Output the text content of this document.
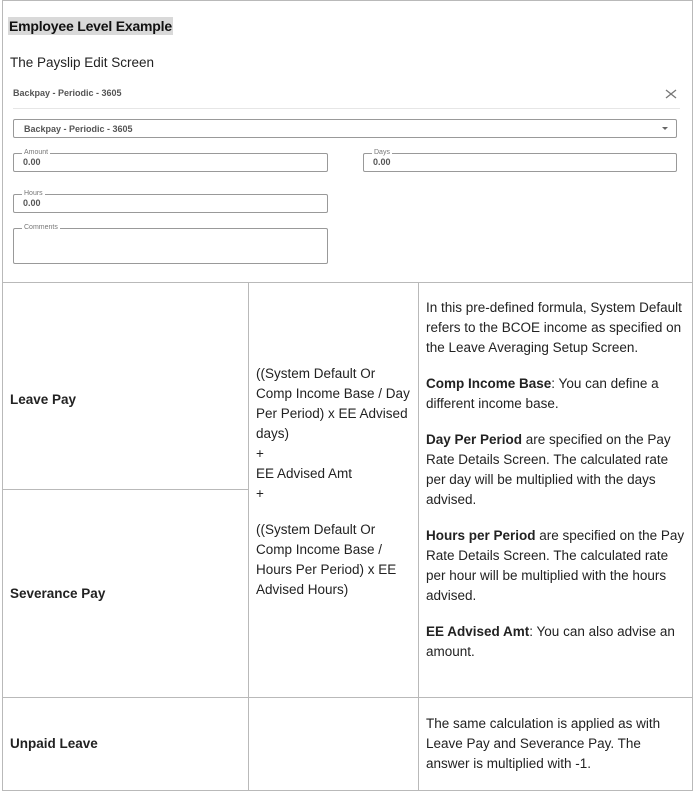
Employee Level Example
The Payslip Edit Screen
Backpay - Periodic - 3605
Backpay - Periodic - 3605
Amount
0.00
Days
0.00
Hours
0.00
Comments
Leave Pay
Severance Pay
Unpaid Leave
((System Default Or Comp Income Base / Day Per Period) x EE Advised days)
+
EE Advised Amt
+
((System Default Or Comp Income Base / Hours Per Period) x EE Advised Hours)

In this pre-defined formula, System Default refers to the BCOE income as specified on the Leave Averaging Setup Screen.

Comp Income Base: You can define a different income base.

Day Per Period are specified on the Pay Rate Details Screen. The calculated rate per day will be multiplied with the days advised.

Hours per Period are specified on the Pay Rate Details Screen. The calculated rate per hour will be multiplied with the hours advised.

EE Advised Amt: You can also advise an amount.

The same calculation is applied as with Leave Pay and Severance Pay. The answer is multiplied with -1.
